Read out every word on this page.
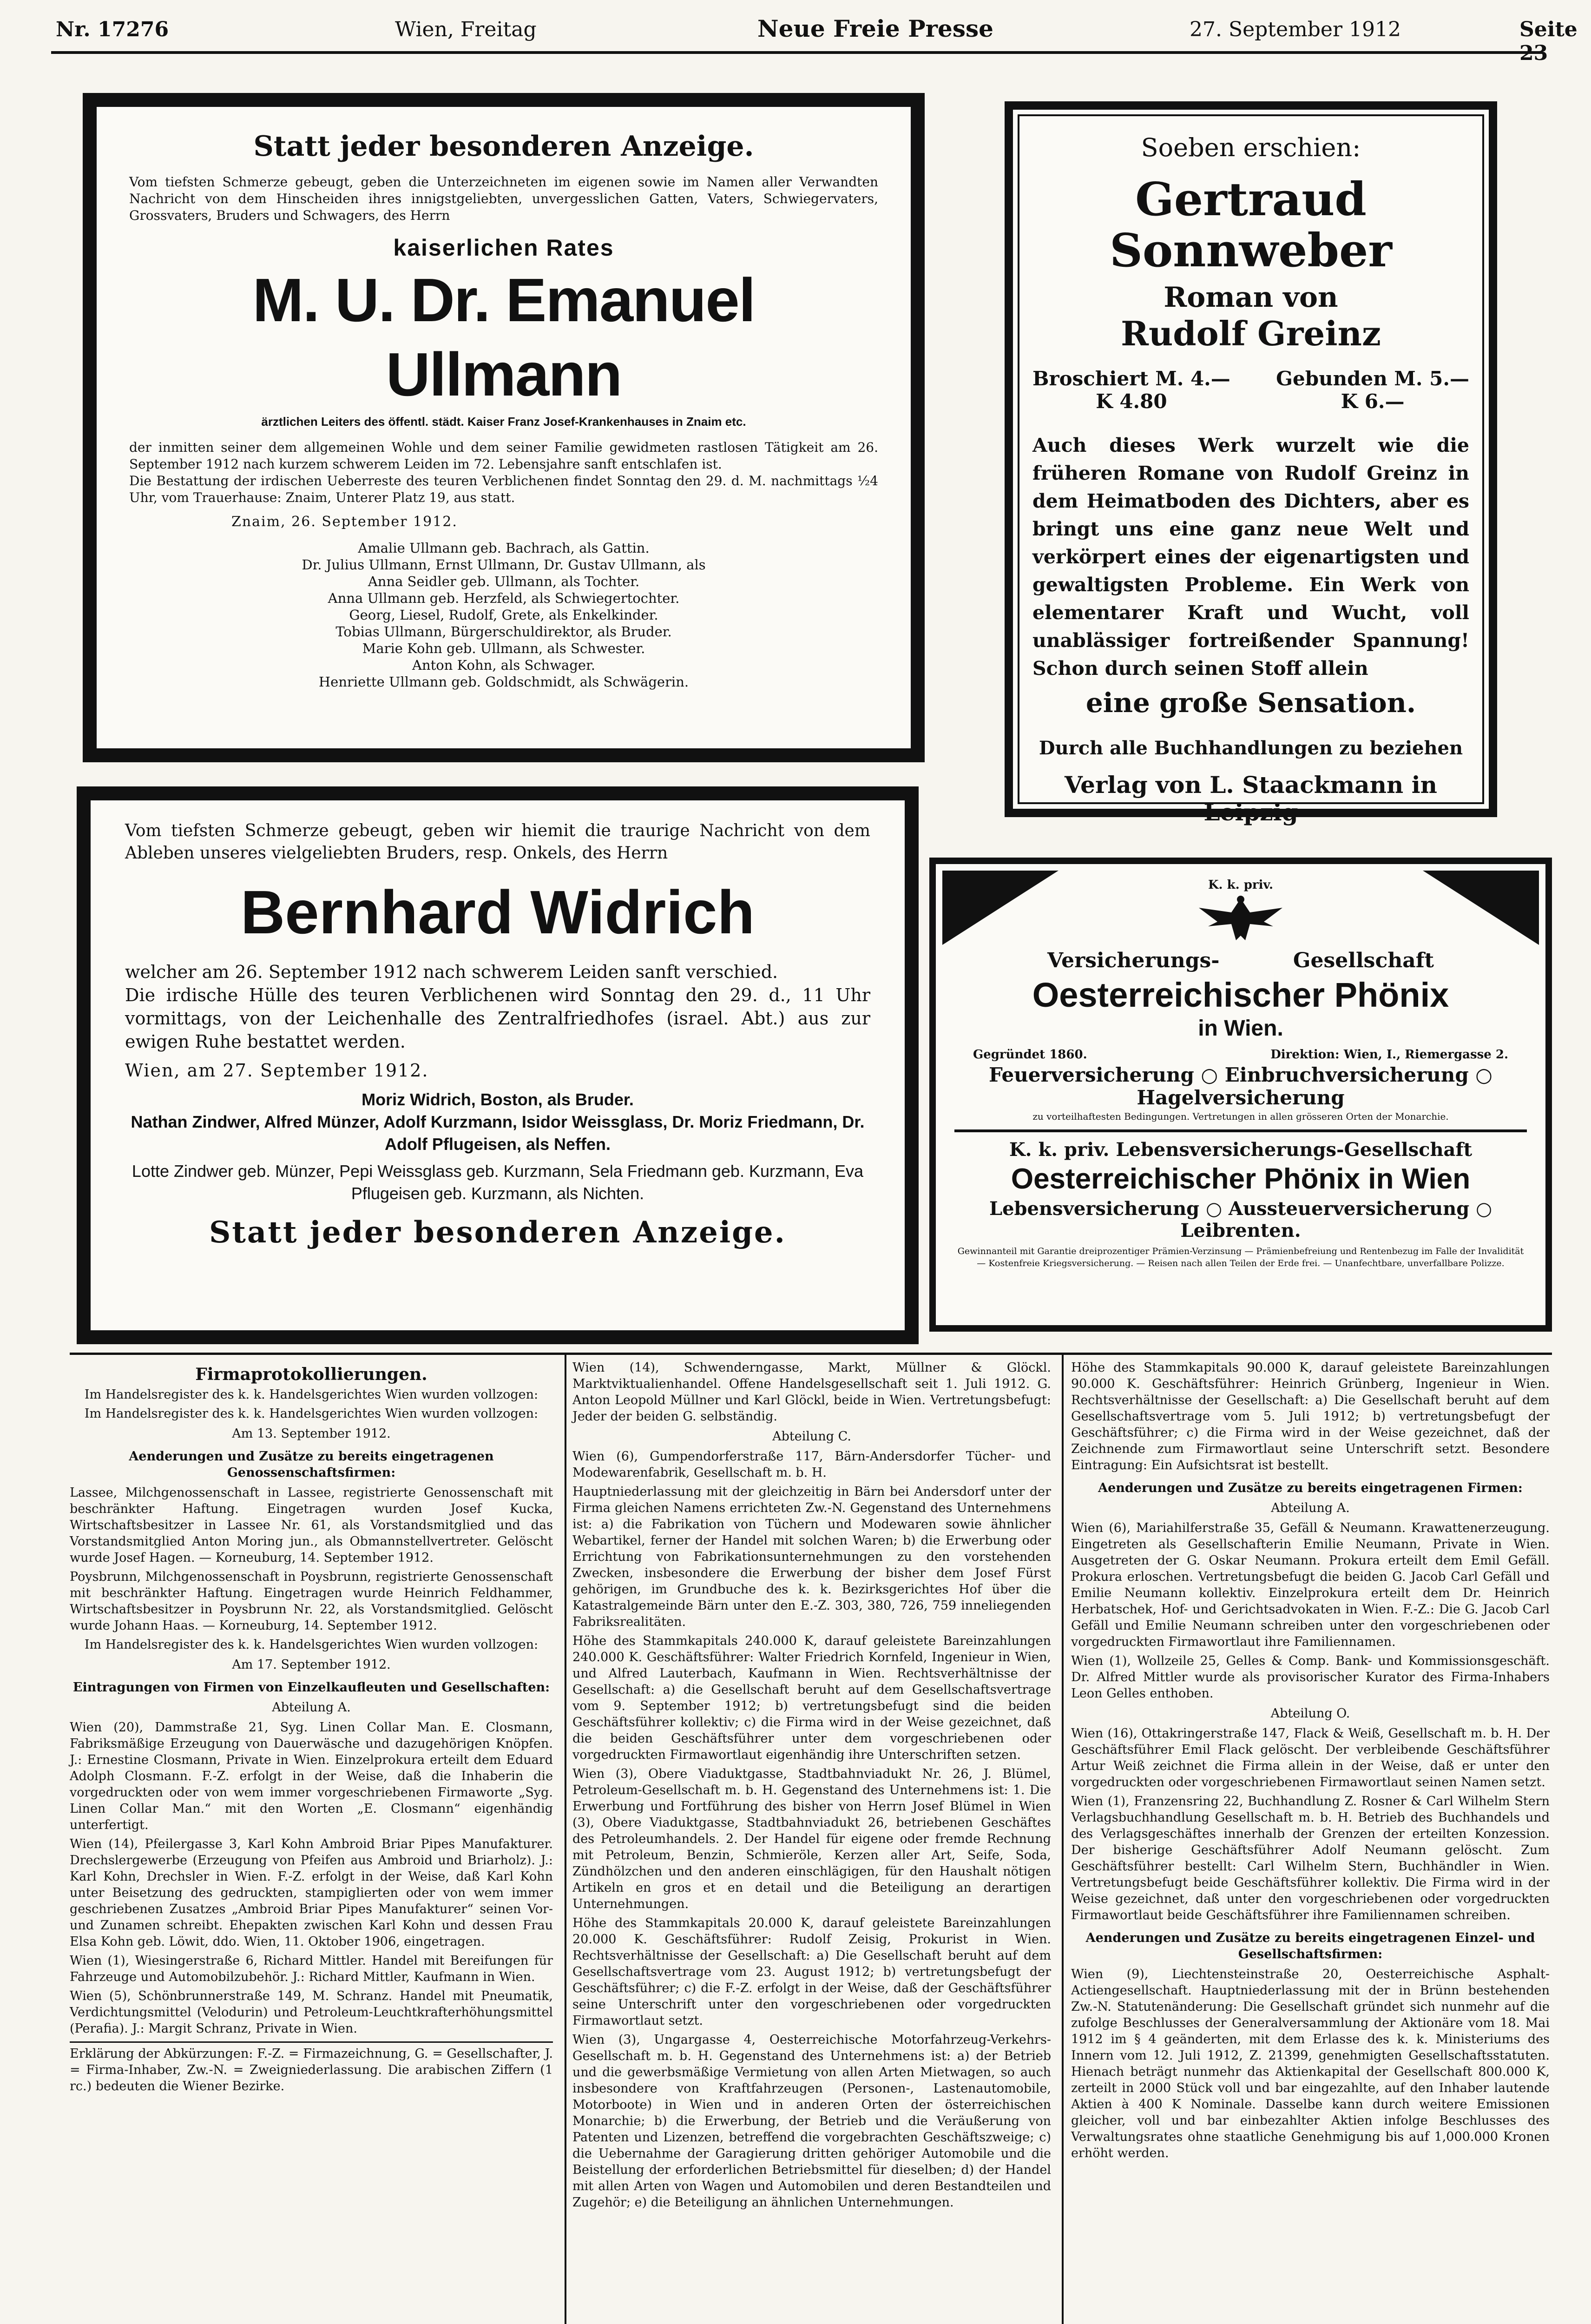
Nr. 17276	Wien, Freitag	Neue Freie Presse	27. September 1912	Seite 23
Statt jeder besonderen Anzeige.
Vom tiefsten Schmerze gebeugt, geben die Unterzeichneten im eigenen sowie im Namen aller Verwandten Nachricht von dem Hinscheiden ihres innigstgeliebten, unvergesslichen Gatten, Vaters, Schwiegervaters, Grossvaters, Bruders und Schwagers, des Herrn
kaiserlichen Rates
M. U. Dr. Emanuel Ullmann
ärztlichen Leiters des öffentl. städt. Kaiser Franz Josef-Krankenhauses in Znaim etc.
der inmitten seiner dem allgemeinen Wohle und dem seiner Familie gewidmeten rastlosen Tätigkeit am 26. September 1912 nach kurzem schwerem Leiden im 72. Lebensjahre sanft entschlafen ist.
Die Bestattung der irdischen Ueberreste des teuren Verblichenen findet Sonntag den 29. d. M. nachmittags ½4 Uhr, vom Trauerhause: Znaim, Unterer Platz 19, aus statt.
Znaim, 26. September 1912.
Amalie Ullmann geb. Bachrach, als Gattin.
Dr. Julius Ullmann, Ernst Ullmann, Dr. Gustav Ullmann, als
Anna Seidler geb. Ullmann, als Tochter.
Anna Ullmann geb. Herzfeld, als Schwiegertochter.
Georg, Liesel, Rudolf, Grete, als Enkelkinder.
Tobias Ullmann, Bürgerschuldirektor, als Bruder.
Marie Kohn geb. Ullmann, als Schwester.
Anton Kohn, als Schwager.
Henriette Ullmann geb. Goldschmidt, als Schwägerin.
Soeben erschien:
Gertraud Sonnweber
Roman von
Rudolf Greinz
Broschiert M. 4.—
K 4.80
Gebunden M. 5.—
K 6.—
Auch dieses Werk wurzelt wie die früheren Romane von Rudolf Greinz in dem Heimatboden des Dichters, aber es bringt uns eine ganz neue Welt und verkörpert eines der eigenartigsten und gewaltigsten Probleme. Ein Werk von elementarer Kraft und Wucht, voll unablässiger fortreißender Spannung! Schon durch seinen Stoff allein
eine große Sensation.
Durch alle Buchhandlungen zu beziehen
Verlag von L. Staackmann in Leipzig
Vom tiefsten Schmerze gebeugt, geben wir hiemit die traurige Nachricht von dem Ableben unseres vielgeliebten Bruders, resp. Onkels, des Herrn
Bernhard Widrich
welcher am 26. September 1912 nach schwerem Leiden sanft verschied.
Die irdische Hülle des teuren Verblichenen wird Sonntag den 29. d., 11 Uhr vormittags, von der Leichenhalle des Zentralfriedhofes (israel. Abt.) aus zur ewigen Ruhe bestattet werden.
Wien, am 27. September 1912.
Moriz Widrich, Boston, als Bruder.
Nathan Zindwer, Alfred Münzer, Adolf Kurzmann, Isidor Weissglass, Dr. Moriz Friedmann, Dr. Adolf Pflugeisen, als Neffen.
Lotte Zindwer geb. Münzer, Pepi Weissglass geb. Kurzmann, Sela Friedmann geb. Kurzmann, Eva Pflugeisen geb. Kurzmann, als Nichten.
Statt jeder besonderen Anzeige.
K. k. priv.
Versicherungs-	Gesellschaft
Oesterreichischer Phönix
in Wien.
Gegründet 1860.	Direktion: Wien, I., Riemergasse 2.
Feuerversicherung ○ Einbruchversicherung ○ Hagelversicherung
zu vorteilhaftesten Bedingungen. Vertretungen in allen grösseren Orten der Monarchie.
K. k. priv. Lebensversicherungs-Gesellschaft
Oesterreichischer Phönix in Wien
Lebensversicherung ○ Aussteuerversicherung ○ Leibrenten.
Gewinnanteil mit Garantie dreiprozentiger Prämien-Verzinsung — Prämienbefreiung und Rentenbezug im Falle der Invalidität — Kostenfreie Kriegsversicherung. — Reisen nach allen Teilen der Erde frei. — Unanfechtbare, unverfallbare Polizze.
Firmaprotokollierungen.

Im Handelsregister des k. k. Handelsgerichtes Wien wurden vollzogen:

Im Handelsregister des k. k. Handelsgerichtes Wien wurden vollzogen:

Am 13. September 1912.
Aenderungen und Zusätze zu bereits eingetragenen Genossenschaftsfirmen:

Lassee, Milchgenossenschaft in Lassee, registrierte Genossenschaft mit beschränkter Haftung. Eingetragen wurden Josef Kucka, Wirtschaftsbesitzer in Lassee Nr. 61, als Vorstandsmitglied und das Vorstandsmitglied Anton Moring jun., als Obmannstellvertreter. Gelöscht wurde Josef Hagen. — Korneuburg, 14. September 1912.

Poysbrunn, Milchgenossenschaft in Poysbrunn, registrierte Genossenschaft mit beschränkter Haftung. Eingetragen wurde Heinrich Feldhammer, Wirtschaftsbesitzer in Poysbrunn Nr. 22, als Vorstandsmitglied. Gelöscht wurde Johann Haas. — Korneuburg, 14. September 1912.

Im Handelsregister des k. k. Handelsgerichtes Wien wurden vollzogen:

Am 17. September 1912.
Eintragungen von Firmen von Einzelkaufleuten und Gesellschaften:
Abteilung A.

Wien (20), Dammstraße 21, Syg. Linen Collar Man. E. Closmann, Fabriksmäßige Erzeugung von Dauerwäsche und dazugehörigen Knöpfen. J.: Ernestine Closmann, Private in Wien. Einzelprokura erteilt dem Eduard Adolph Closmann. F.-Z. erfolgt in der Weise, daß die Inhaberin die vorgedruckten oder von wem immer vorgeschriebenen Firmaworte „Syg. Linen Collar Man.“ mit den Worten „E. Closmann“ eigenhändig unterfertigt.

Wien (14), Pfeilergasse 3, Karl Kohn Ambroid Briar Pipes Manufakturer. Drechslergewerbe (Erzeugung von Pfeifen aus Ambroid und Briarholz). J.: Karl Kohn, Drechsler in Wien. F.-Z. erfolgt in der Weise, daß Karl Kohn unter Beisetzung des gedruckten, stampiglierten oder von wem immer geschriebenen Zusatzes „Ambroid Briar Pipes Manufakturer“ seinen Vor- und Zunamen schreibt. Ehepakten zwischen Karl Kohn und dessen Frau Elsa Kohn geb. Löwit, ddo. Wien, 11. Oktober 1906, eingetragen.

Wien (1), Wiesingerstraße 6, Richard Mittler. Handel mit Bereifungen für Fahrzeuge und Automobilzubehör. J.: Richard Mittler, Kaufmann in Wien.

Wien (5), Schönbrunnerstraße 149, M. Schranz. Handel mit Pneumatik, Verdichtungsmittel (Velodurin) und Petroleum-Leuchtkrafterhöhungsmittel (Perafia). J.: Margit Schranz, Private in Wien.

Erklärung der Abkürzungen: F.-Z. = Firmazeichnung, G. = Gesellschafter, J. = Firma-Inhaber, Zw.-N. = Zweigniederlassung. Die arabischen Ziffern (1 rc.) bedeuten die Wiener Bezirke.

Wien (14), Schwenderngasse, Markt, Müllner & Glöckl. Marktviktualienhandel. Offene Handelsgesellschaft seit 1. Juli 1912. G. Anton Leopold Müllner und Karl Glöckl, beide in Wien. Vertretungsbefugt: Jeder der beiden G. selbständig.

Abteilung C.

Wien (6), Gumpendorferstraße 117, Bärn-Andersdorfer Tücher- und Modewarenfabrik, Gesellschaft m. b. H.

Hauptniederlassung mit der gleichzeitig in Bärn bei Andersdorf unter der Firma gleichen Namens errichteten Zw.-N. Gegenstand des Unternehmens ist: a) die Fabrikation von Tüchern und Modewaren sowie ähnlicher Webartikel, ferner der Handel mit solchen Waren; b) die Erwerbung oder Errichtung von Fabrikationsunternehmungen zu den vorstehenden Zwecken, insbesondere die Erwerbung der bisher dem Josef Fürst gehörigen, im Grundbuche des k. k. Bezirksgerichtes Hof über die Katastralgemeinde Bärn unter den E.-Z. 303, 380, 726, 759 inneliegenden Fabriksrealitäten.

Höhe des Stammkapitals 240.000 K, darauf geleistete Bareinzahlungen 240.000 K. Geschäftsführer: Walter Friedrich Kornfeld, Ingenieur in Wien, und Alfred Lauterbach, Kaufmann in Wien. Rechtsverhältnisse der Gesellschaft: a) die Gesellschaft beruht auf dem Gesellschaftsvertrage vom 9. September 1912; b) vertretungsbefugt sind die beiden Geschäftsführer kollektiv; c) die Firma wird in der Weise gezeichnet, daß die beiden Geschäftsführer unter dem vorgeschriebenen oder vorgedruckten Firmawortlaut eigenhändig ihre Unterschriften setzen.

Wien (3), Obere Viaduktgasse, Stadtbahnviadukt Nr. 26, J. Blümel, Petroleum-Gesellschaft m. b. H. Gegenstand des Unternehmens ist: 1. Die Erwerbung und Fortführung des bisher von Herrn Josef Blümel in Wien (3), Obere Viaduktgasse, Stadtbahnviadukt 26, betriebenen Geschäftes des Petroleumhandels. 2. Der Handel für eigene oder fremde Rechnung mit Petroleum, Benzin, Schmieröle, Kerzen aller Art, Seife, Soda, Zündhölzchen und den anderen einschlägigen, für den Haushalt nötigen Artikeln en gros et en detail und die Beteiligung an derartigen Unternehmungen.

Höhe des Stammkapitals 20.000 K, darauf geleistete Bareinzahlungen 20.000 K. Geschäftsführer: Rudolf Zeisig, Prokurist in Wien. Rechtsverhältnisse der Gesellschaft: a) Die Gesellschaft beruht auf dem Gesellschaftsvertrage vom 23. August 1912; b) vertretungsbefugt der Geschäftsführer; c) die F.-Z. erfolgt in der Weise, daß der Geschäftsführer seine Unterschrift unter den vorgeschriebenen oder vorgedruckten Firmawortlaut setzt.

Wien (3), Ungargasse 4, Oesterreichische Motorfahrzeug-Verkehrs-Gesellschaft m. b. H. Gegenstand des Unternehmens ist: a) der Betrieb und die gewerbsmäßige Vermietung von allen Arten Mietwagen, so auch insbesondere von Kraftfahrzeugen (Personen-, Lastenautomobile, Motorboote) in Wien und in anderen Orten der österreichischen Monarchie; b) die Erwerbung, der Betrieb und die Veräußerung von Patenten und Lizenzen, betreffend die vorgebrachten Geschäftszweige; c) die Uebernahme der Garagierung dritten gehöriger Automobile und die Beistellung der erforderlichen Betriebsmittel für dieselben; d) der Handel mit allen Arten von Wagen und Automobilen und deren Bestandteilen und Zugehör; e) die Beteiligung an ähnlichen Unternehmungen.

Höhe des Stammkapitals 90.000 K, darauf geleistete Bareinzahlungen 90.000 K. Geschäftsführer: Heinrich Grünberg, Ingenieur in Wien. Rechtsverhältnisse der Gesellschaft: a) Die Gesellschaft beruht auf dem Gesellschaftsvertrage vom 5. Juli 1912; b) vertretungsbefugt der Geschäftsführer; c) die Firma wird in der Weise gezeichnet, daß der Zeichnende zum Firmawortlaut seine Unterschrift setzt. Besondere Eintragung: Ein Aufsichtsrat ist bestellt.

Aenderungen und Zusätze zu bereits eingetragenen Firmen:
Abteilung A.

Wien (6), Mariahilferstraße 35, Gefäll & Neumann. Krawattenerzeugung. Eingetreten als Gesellschafterin Emilie Neumann, Private in Wien. Ausgetreten der G. Oskar Neumann. Prokura erteilt dem Emil Gefäll. Prokura erloschen. Vertretungsbefugt die beiden G. Jacob Carl Gefäll und Emilie Neumann kollektiv. Einzelprokura erteilt dem Dr. Heinrich Herbatschek, Hof- und Gerichtsadvokaten in Wien. F.-Z.: Die G. Jacob Carl Gefäll und Emilie Neumann schreiben unter den vorgeschriebenen oder vorgedruckten Firmawortlaut ihre Familiennamen.

Wien (1), Wollzeile 25, Gelles & Comp. Bank- und Kommissionsgeschäft. Dr. Alfred Mittler wurde als provisorischer Kurator des Firma-Inhabers Leon Gelles enthoben.

Abteilung O.

Wien (16), Ottakringerstraße 147, Flack & Weiß, Gesellschaft m. b. H. Der Geschäftsführer Emil Flack gelöscht. Der verbleibende Geschäftsführer Artur Weiß zeichnet die Firma allein in der Weise, daß er unter den vorgedruckten oder vorgeschriebenen Firmawortlaut seinen Namen setzt.

Wien (1), Franzensring 22, Buchhandlung Z. Rosner & Carl Wilhelm Stern Verlagsbuchhandlung Gesellschaft m. b. H. Betrieb des Buchhandels und des Verlagsgeschäftes innerhalb der Grenzen der erteilten Konzession. Der bisherige Geschäftsführer Adolf Neumann gelöscht. Zum Geschäftsführer bestellt: Carl Wilhelm Stern, Buchhändler in Wien. Vertretungsbefugt beide Geschäftsführer kollektiv. Die Firma wird in der Weise gezeichnet, daß unter den vorgeschriebenen oder vorgedruckten Firmawortlaut beide Geschäftsführer ihre Familiennamen schreiben.

Aenderungen und Zusätze zu bereits eingetragenen Einzel- und Gesellschaftsfirmen:

Wien (9), Liechtensteinstraße 20, Oesterreichische Asphalt-Actiengesellschaft. Hauptniederlassung mit der in Brünn bestehenden Zw.-N. Statutenänderung: Die Gesellschaft gründet sich nunmehr auf die zufolge Beschlusses der Generalversammlung der Aktionäre vom 18. Mai 1912 im § 4 geänderten, mit dem Erlasse des k. k. Ministeriums des Innern vom 12. Juli 1912, Z. 21399, genehmigten Gesellschaftsstatuten. Hienach beträgt nunmehr das Aktienkapital der Gesellschaft 800.000 K, zerteilt in 2000 Stück voll und bar eingezahlte, auf den Inhaber lautende Aktien à 400 K Nominale. Dasselbe kann durch weitere Emissionen gleicher, voll und bar einbezahlter Aktien infolge Beschlusses des Verwaltungsrates ohne staatliche Genehmigung bis auf 1,000.000 Kronen erhöht werden.
